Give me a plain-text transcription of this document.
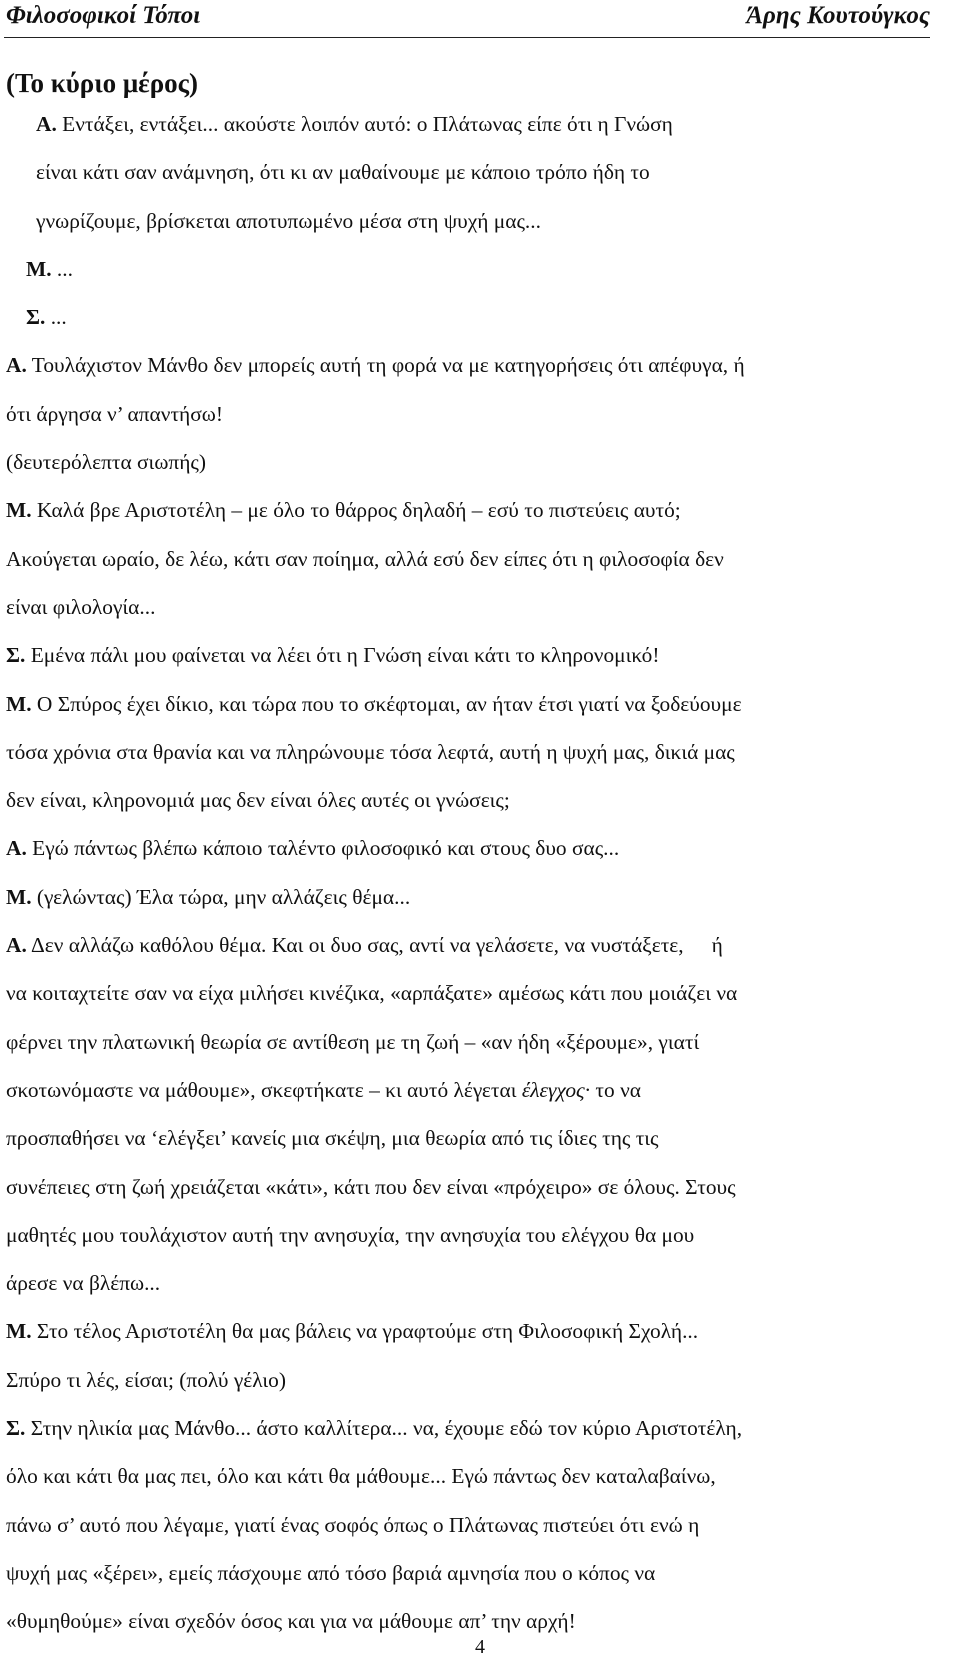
Φιλοσοφικοί Τόποι	Άρης Κουτούγκος
(Το κύριο μέρος)
Α. Εντάξει, εντάξει... ακούστε λοιπόν αυτό: ο Πλάτωνας είπε ότι η Γνώση
είναι κάτι σαν ανάμνηση, ότι κι αν μαθαίνουμε με κάποιο τρόπο ήδη το
γνωρίζουμε, βρίσκεται αποτυπωμένο μέσα στη ψυχή μας...
Μ. ...
Σ. ...
Α. Τουλάχιστον Μάνθο δεν μπορείς αυτή τη φορά να με κατηγορήσεις ότι απέφυγα, ή
ότι άργησα ν’ απαντήσω!
(δευτερόλεπτα σιωπής)
Μ. Καλά βρε Αριστοτέλη – με όλο το θάρρος δηλαδή – εσύ το πιστεύεις αυτό;
Ακούγεται ωραίο, δε λέω, κάτι σαν ποίημα, αλλά εσύ δεν είπες ότι η φιλοσοφία δεν
είναι φιλολογία...
Σ. Εμένα πάλι μου φαίνεται να λέει ότι η Γνώση είναι κάτι το κληρονομικό!
Μ. Ο Σπύρος έχει δίκιο, και τώρα που το σκέφτομαι, αν ήταν έτσι γιατί να ξοδεύουμε
τόσα χρόνια στα θρανία και να πληρώνουμε τόσα λεφτά, αυτή η ψυχή μας, δικιά μας
δεν είναι, κληρονομιά μας δεν είναι όλες αυτές οι γνώσεις;
Α. Εγώ πάντως βλέπω κάποιο ταλέντο φιλοσοφικό και στους δυο σας...
Μ. (γελώντας) Έλα τώρα, μην αλλάζεις θέμα...
Α. Δεν αλλάζω καθόλου θέμα. Και οι δυο σας, αντί να γελάσετε, να νυστάξετε, ή
να κοιταχτείτε σαν να είχα μιλήσει κινέζικα, «αρπάξατε» αμέσως κάτι που μοιάζει να
φέρνει την πλατωνική θεωρία σε αντίθεση με τη ζωή – «αν ήδη «ξέρουμε», γιατί
σκοτωνόμαστε να μάθουμε», σκεφτήκατε – κι αυτό λέγεται έλεγχος· το να
προσπαθήσει να ‘ελέγξει’ κανείς μια σκέψη, μια θεωρία από τις ίδιες της τις
συνέπειες στη ζωή χρειάζεται «κάτι», κάτι που δεν είναι «πρόχειρο» σε όλους. Στους
μαθητές μου τουλάχιστον αυτή την ανησυχία, την ανησυχία του ελέγχου θα μου
άρεσε να βλέπω...
Μ. Στο τέλος Αριστοτέλη θα μας βάλεις να γραφτούμε στη Φιλοσοφική Σχολή...
Σπύρο τι λές, είσαι; (πολύ γέλιο)
Σ. Στην ηλικία μας Μάνθο... άστο καλλίτερα... να, έχουμε εδώ τον κύριο Αριστοτέλη,
όλο και κάτι θα μας πει, όλο και κάτι θα μάθουμε... Εγώ πάντως δεν καταλαβαίνω,
πάνω σ’ αυτό που λέγαμε, γιατί ένας σοφός όπως ο Πλάτωνας πιστεύει ότι ενώ η
ψυχή μας «ξέρει», εμείς πάσχουμε από τόσο βαριά αμνησία που ο κόπος να
«θυμηθούμε» είναι σχεδόν όσος και για να μάθουμε απ’ την αρχή!
4
